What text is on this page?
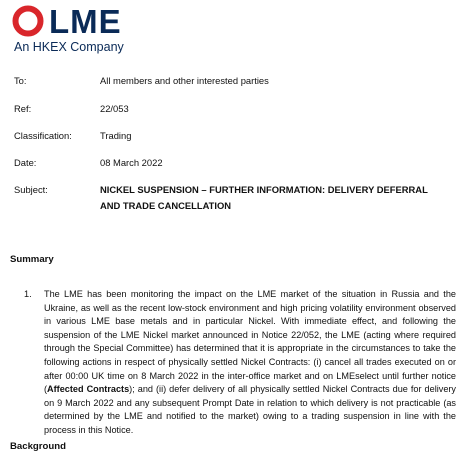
LME
An HKEX Company
To:	All members and other interested parties
Ref:	22/053
Classification:	Trading
Date:	08 March 2022
Subject:	NICKEL SUSPENSION – FURTHER INFORMATION: DELIVERY DEFERRAL AND TRADE CANCELLATION
Summary
1.	The LME has been monitoring the impact on the LME market of the situation in Russia and the Ukraine, as well as the recent low-stock environment and high pricing volatility environment observed in various LME base metals and in particular Nickel. With immediate effect, and following the suspension of the LME Nickel market announced in Notice 22/052, the LME (acting where required through the Special Committee) has determined that it is appropriate in the circumstances to take the following actions in respect of physically settled Nickel Contracts: (i) cancel all trades executed on or after 00:00 UK time on 8 March 2022 in the inter-office market and on LMEselect until further notice (Affected Contracts); and (ii) defer delivery of all physically settled Nickel Contracts due for delivery on 9 March 2022 and any subsequent Prompt Date in relation to which delivery is not practicable (as determined by the LME and notified to the market) owing to a trading suspension in line with the process in this Notice.
Background
